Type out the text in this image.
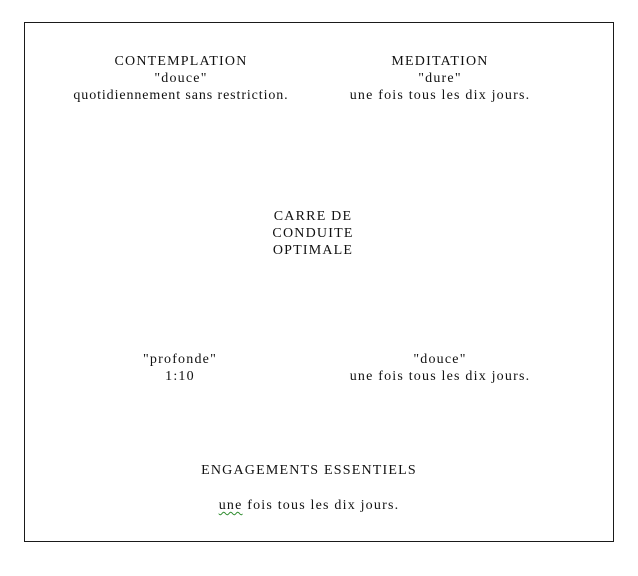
CONTEMPLATION
"douce"
quotidiennement sans restriction.
MEDITATION
"dure"
une fois tous les dix jours.
CARRE DE
CONDUITE
OPTIMALE
"profonde"
1:10
"douce"
une fois tous les dix jours.
ENGAGEMENTS ESSENTIELS
une fois tous les dix jours.
